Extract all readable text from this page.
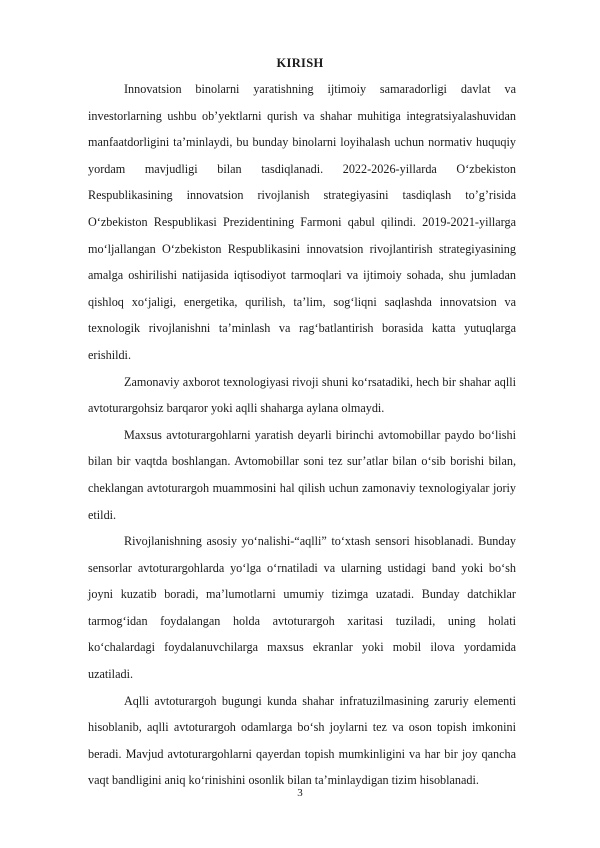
KIRISH

Innovatsion binolarni yaratishning ijtimoiy samaradorligi davlat va investorlarning ushbu ob’yektlarni qurish va shahar muhitiga integratsiyalashuvidan manfaatdorligini ta’minlaydi, bu bunday binolarni loyihalash uchun normativ huquqiy yordam mavjudligi bilan tasdiqlanadi. 2022-2026-yillarda O‘zbekiston Respublikasining innovatsion rivojlanish strategiyasini tasdiqlash to’g’risida O‘zbekiston Respublikasi Prezidentining Farmoni qabul qilindi. 2019-2021-yillarga mo‘ljallangan O‘zbekiston Respublikasini innovatsion rivojlantirish strategiyasining amalga oshirilishi natijasida iqtisodiyot tarmoqlari va ijtimoiy sohada, shu jumladan qishloq xo‘jaligi, energetika, qurilish, ta’lim, sog‘liqni saqlashda innovatsion va texnologik rivojlanishni ta’minlash va rag‘batlantirish borasida katta yutuqlarga erishildi.

Zamonaviy axborot texnologiyasi rivoji shuni ko‘rsatadiki, hech bir shahar aqlli avtoturargohsiz barqaror yoki aqlli shaharga aylana olmaydi.

Maxsus avtoturargohlarni yaratish deyarli birinchi avtomobillar paydo bo‘lishi bilan bir vaqtda boshlangan. Avtomobillar soni tez sur’atlar bilan o‘sib borishi bilan, cheklangan avtoturargoh muammosini hal qilish uchun zamonaviy texnologiyalar joriy etildi.

Rivojlanishning asosiy yo‘nalishi-“aqlli” to‘xtash sensori hisoblanadi. Bunday sensorlar avtoturargohlarda yo‘lga o‘rnatiladi va ularning ustidagi band yoki bo‘sh joyni kuzatib boradi, ma’lumotlarni umumiy tizimga uzatadi. Bunday datchiklar tarmog‘idan foydalangan holda avtoturargoh xaritasi tuziladi, uning holati ko‘chalardagi foydalanuvchilarga maxsus ekranlar yoki mobil ilova yordamida uzatiladi.

Aqlli avtoturargoh bugungi kunda shahar infratuzilmasining zaruriy elementi hisoblanib, aqlli avtoturargoh odamlarga bo‘sh joylarni tez va oson topish imkonini beradi. Mavjud avtoturargohlarni qayerdan topish mumkinligini va har bir joy qancha vaqt bandligini aniq ko‘rinishini osonlik bilan ta’minlaydigan tizim hisoblanadi.

3
